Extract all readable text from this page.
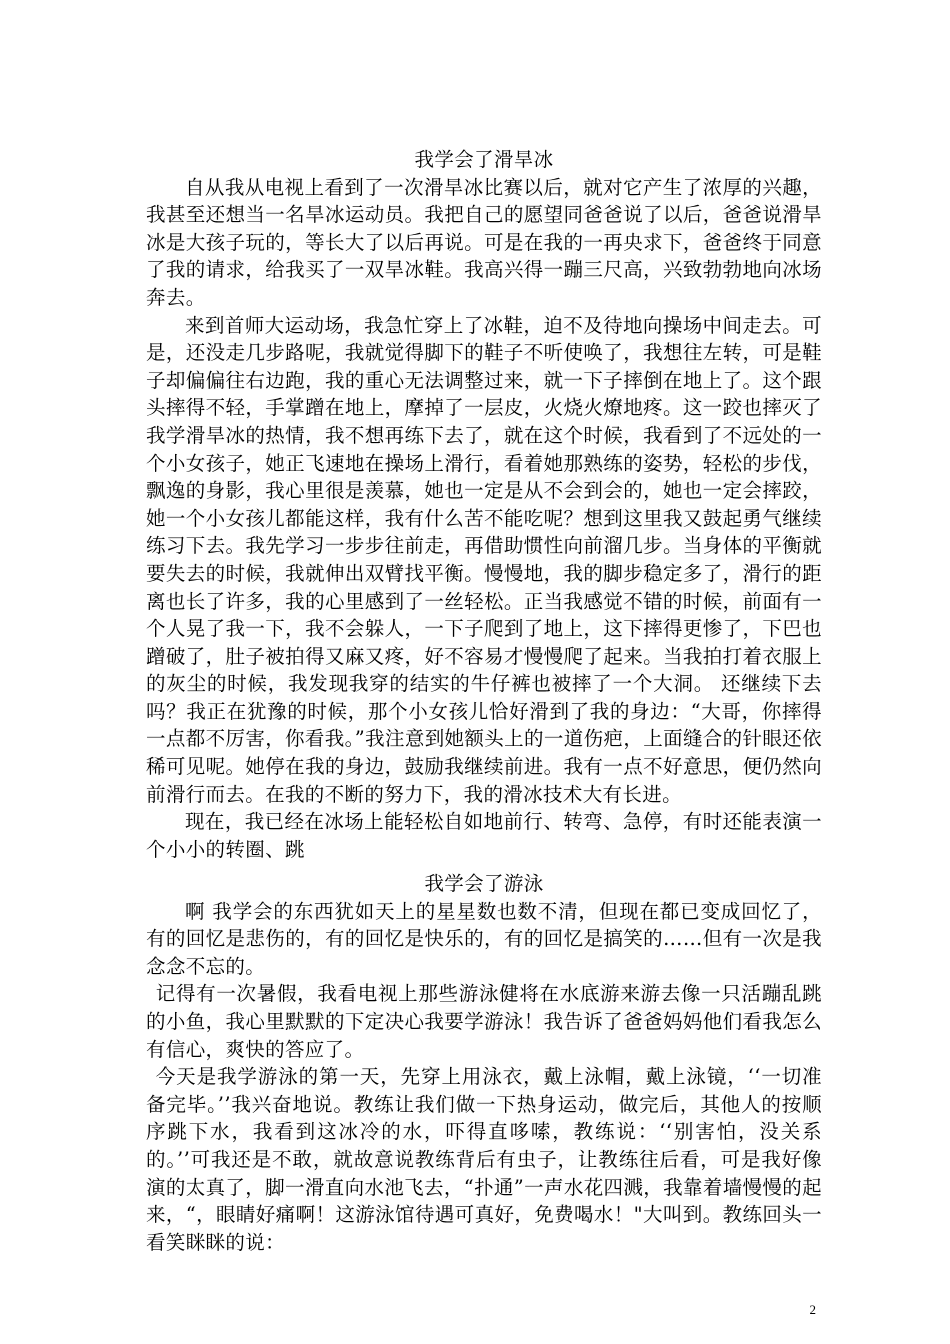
我学会了滑旱冰

自从我从电视上看到了一次滑旱冰比赛以后，就对它产生了浓厚的兴趣，我甚至还想当一名旱冰运动员。我把自己的愿望同爸爸说了以后，爸爸说滑旱冰是大孩子玩的，等长大了以后再说。可是在我的一再央求下，爸爸终于同意了我的请求，给我买了一双旱冰鞋。我高兴得一蹦三尺高，兴致勃勃地向冰场奔去。

来到首师大运动场，我急忙穿上了冰鞋，迫不及待地向操场中间走去。可是，还没走几步路呢，我就觉得脚下的鞋子不听使唤了，我想往左转，可是鞋子却偏偏往右边跑，我的重心无法调整过来，就一下子摔倒在地上了。这个跟头摔得不轻，手掌蹭在地上，摩掉了一层皮，火烧火燎地疼。这一跤也摔灭了我学滑旱冰的热情，我不想再练下去了，就在这个时候，我看到了不远处的一个小女孩子，她正飞速地在操场上滑行，看着她那熟练的姿势，轻松的步伐，飘逸的身影，我心里很是羡慕，她也一定是从不会到会的，她也一定会摔跤，她一个小女孩儿都能这样，我有什么苦不能吃呢？想到这里我又鼓起勇气继续练习下去。我先学习一步步往前走，再借助惯性向前溜几步。当身体的平衡就要失去的时候，我就伸出双臂找平衡。慢慢地，我的脚步稳定多了，滑行的距离也长了许多，我的心里感到了一丝轻松。正当我感觉不错的时候，前面有一个人晃了我一下，我不会躲人，一下子爬到了地上，这下摔得更惨了，下巴也蹭破了，肚子被拍得又麻又疼，好不容易才慢慢爬了起来。当我拍打着衣服上的灰尘的时候，我发现我穿的结实的牛仔裤也被摔了一个大洞。 还继续下去吗？我正在犹豫的时候，那个小女孩儿恰好滑到了我的身边：“大哥，你摔得一点都不厉害，你看我。”我注意到她额头上的一道伤疤，上面缝合的针眼还依稀可见呢。她停在我的身边，鼓励我继续前进。我有一点不好意思，便仍然向前滑行而去。在我的不断的努力下，我的滑冰技术大有长进。

现在，我已经在冰场上能轻松自如地前行、转弯、急停，有时还能表演一个小小的转圈、跳

我学会了游泳

啊 我学会的东西犹如天上的星星数也数不清，但现在都已变成回忆了，有的回忆是悲伤的，有的回忆是快乐的，有的回忆是搞笑的……但有一次是我念念不忘的。

记得有一次暑假，我看电视上那些游泳健将在水底游来游去像一只活蹦乱跳的小鱼，我心里默默的下定决心我要学游泳！我告诉了爸爸妈妈他们看我怎么有信心，爽快的答应了。

今天是我学游泳的第一天，先穿上用泳衣，戴上泳帽，戴上泳镜，‘‘一切准备完毕。’’我兴奋地说。教练让我们做一下热身运动，做完后，其他人的按顺序跳下水，我看到这冰冷的水，吓得直哆嗦，教练说：‘‘别害怕，没关系的。’’可我还是不敢，就故意说教练背后有虫子，让教练往后看，可是我好像演的太真了，脚一滑直向水池飞去，“扑通”一声水花四溅，我靠着墙慢慢的起来，“，眼睛好痛啊！这游泳馆待遇可真好，免费喝水！"大叫到。教练回头一看笑眯眯的说：

2
